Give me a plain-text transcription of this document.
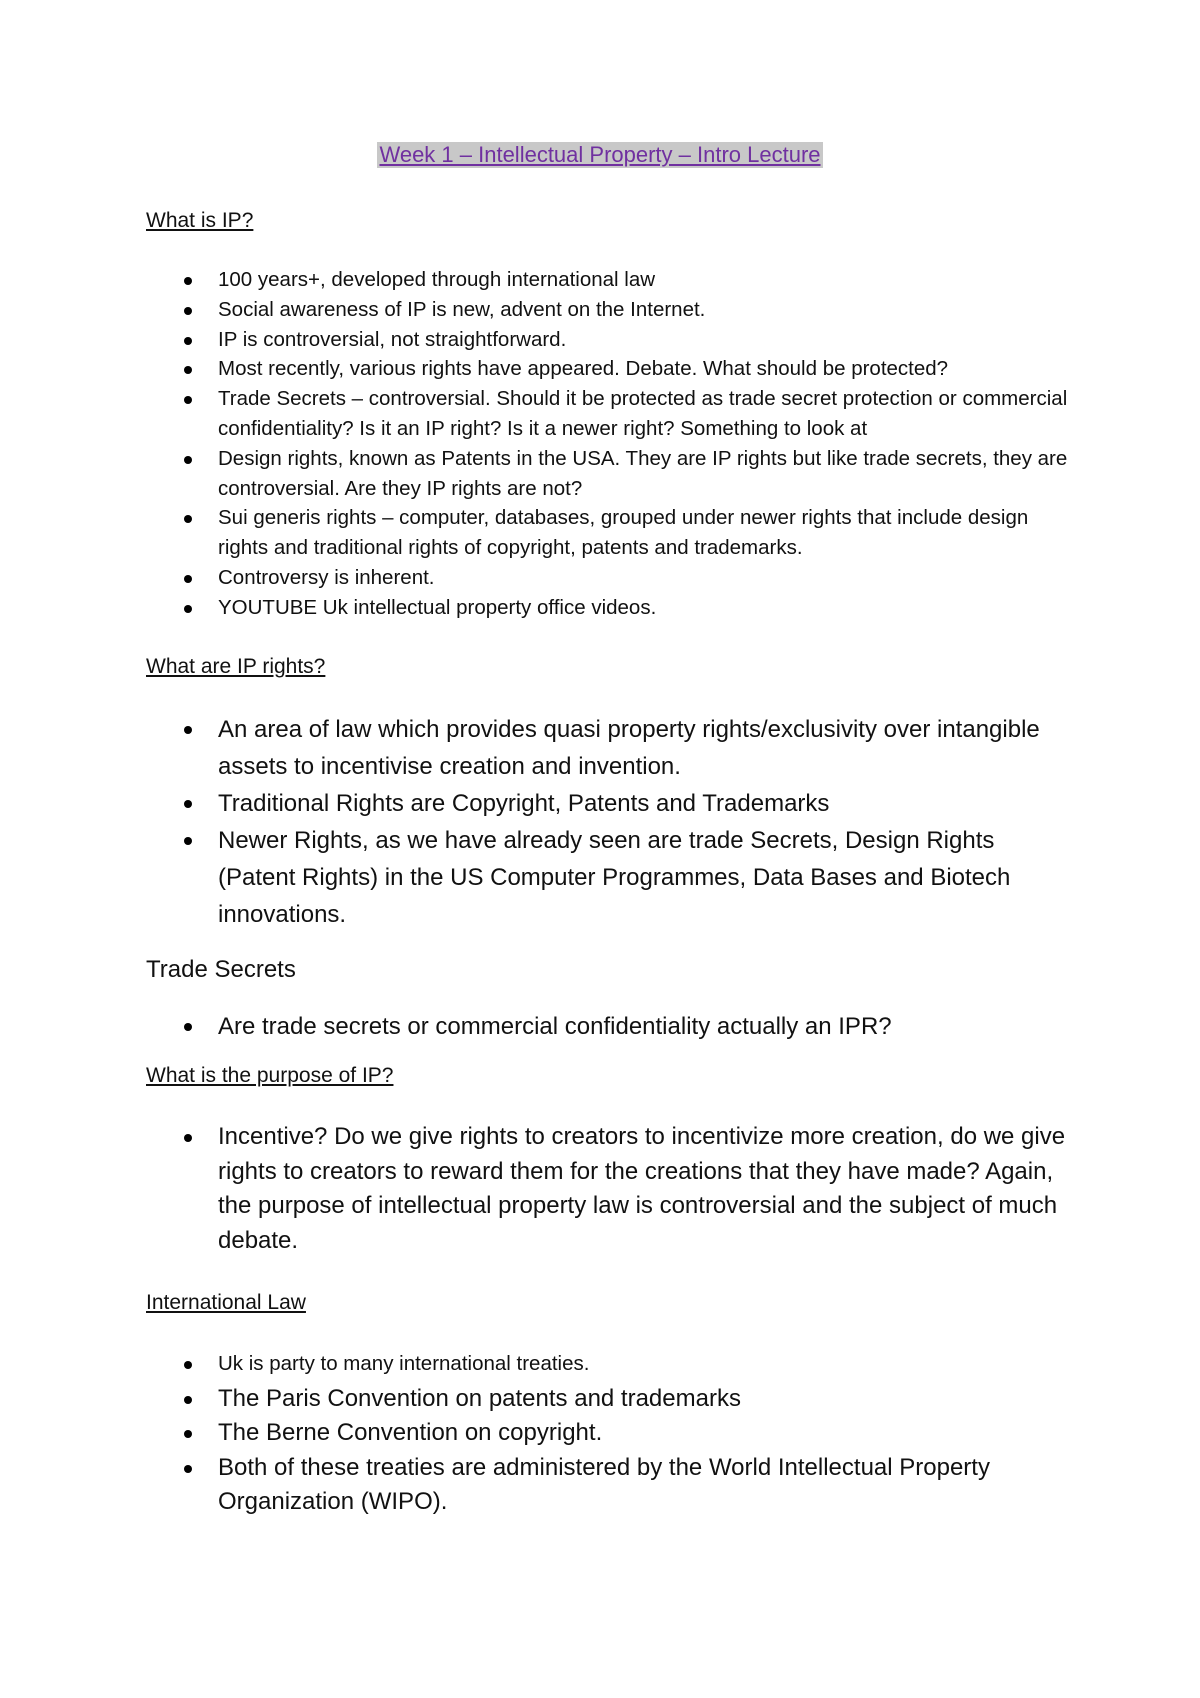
Week 1 – Intellectual Property – Intro Lecture
What is IP?
100 years+, developed through international law
Social awareness of IP is new, advent on the Internet.
IP is controversial, not straightforward.
Most recently, various rights have appeared. Debate. What should be protected?
Trade Secrets – controversial. Should it be protected as trade secret protection or commercial confidentiality? Is it an IP right? Is it a newer right? Something to look at
Design rights, known as Patents in the USA. They are IP rights but like trade secrets, they are controversial. Are they IP rights are not?
Sui generis rights – computer, databases, grouped under newer rights that include design rights and traditional rights of copyright, patents and trademarks.
Controversy is inherent.
YOUTUBE Uk intellectual property office videos.
What are IP rights?
An area of law which provides quasi property rights/exclusivity over intangible assets to incentivise creation and invention.
Traditional Rights are Copyright, Patents and Trademarks
Newer Rights, as we have already seen are trade Secrets, Design Rights (Patent Rights) in the US Computer Programmes, Data Bases and Biotech innovations.
Trade Secrets
Are trade secrets or commercial confidentiality actually an IPR?
What is the purpose of IP?
Incentive? Do we give rights to creators to incentivize more creation, do we give rights to creators to reward them for the creations that they have made? Again, the purpose of intellectual property law is controversial and the subject of much debate.
International Law
Uk is party to many international treaties.
The Paris Convention on patents and trademarks
The Berne Convention on copyright.
Both of these treaties are administered by the World Intellectual Property Organization (WIPO).
